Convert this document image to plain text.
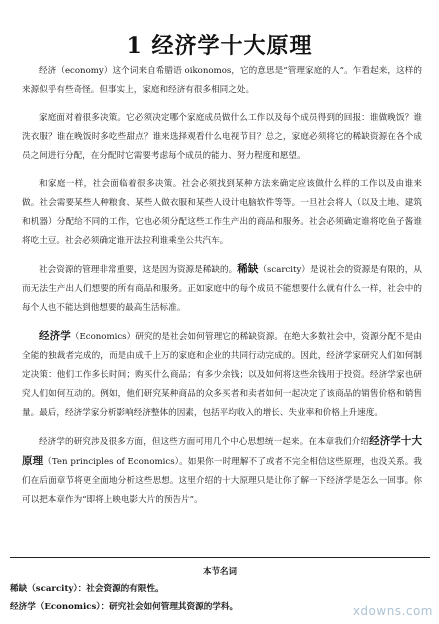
1 经济学十大原理

经济（economy）这个词来自希腊语 oikonomos，它的意思是“管理家庭的人”。乍看起来，这样的来源似乎有些奇怪。但事实上，家庭和经济有很多相同之处。

家庭面对着很多决策。它必须决定哪个家庭成员做什么工作以及每个成员得到的回报：谁做晚饭？谁洗衣服？谁在晚饭时多吃些甜点？谁来选择观看什么电视节目？总之，家庭必须将它的稀缺资源在各个成员之间进行分配，在分配时它需要考虑每个成员的能力、努力程度和愿望。

和家庭一样，社会面临着很多决策。社会必须找到某种方法来确定应该做什么样的工作以及由谁来做。社会需要某些人种粮食、某些人做衣服和某些人设计电脑软件等等。一旦社会将人（以及土地、建筑和机器）分配给不同的工作，它也必须分配这些工作生产出的商品和服务。社会必须确定谁将吃鱼子酱谁将吃土豆。社会必须确定谁开法拉利谁乘坐公共汽车。

社会资源的管理非常重要，这是因为资源是稀缺的。稀缺（scarcity）是说社会的资源是有限的，从而无法生产出人们想要的所有商品和服务。正如家庭中的每个成员不能想要什么就有什么一样，社会中的每个人也不能达到他想要的最高生活标准。

经济学（Economics）研究的是社会如何管理它的稀缺资源。在绝大多数社会中，资源分配不是由全能的独裁者完成的，而是由成千上万的家庭和企业的共同行动完成的。因此，经济学家研究人们如何制定决策：他们工作多长时间；购买什么商品；有多少余钱；以及如何将这些余钱用于投资。经济学家也研究人们如何互动的。例如，他们研究某种商品的众多买者和卖者如何一起决定了该商品的销售价格和销售量。最后，经济学家分析影响经济整体的因素，包括平均收入的增长、失业率和价格上升速度。

经济学的研究涉及很多方面，但这些方面可用几个中心思想统一起来。在本章我们介绍经济学十大原理（Ten principles of Economics）。如果你一时理解不了或者不完全相信这些原理，也没关系。我们在后面章节将更全面地分析这些思想。这里介绍的十大原理只是让你了解一下经济学是怎么一回事。你可以把本章作为“即将上映电影大片的预告片”。

本节名词

稀缺（scarcity）：社会资源的有限性。

经济学（Economics）：研究社会如何管理其资源的学科。	xdowns.com
